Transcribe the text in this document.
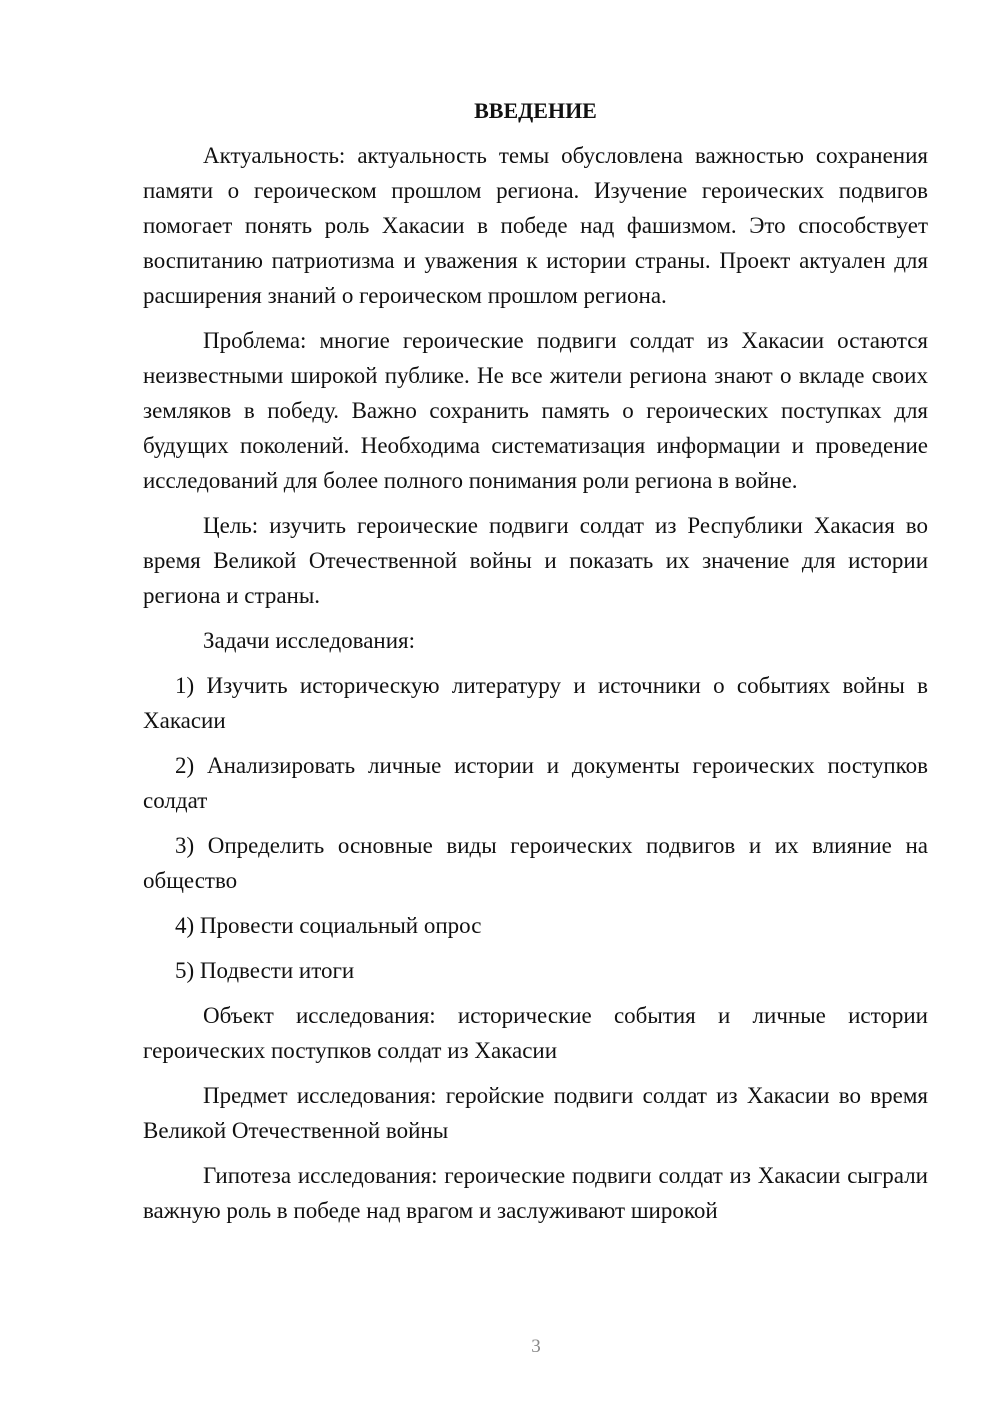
ВВЕДЕНИЕ

Актуальность: актуальность темы обусловлена важностью сохранения памяти о героическом прошлом региона. Изучение героических подвигов помогает понять роль Хакасии в победе над фашизмом. Это способствует воспитанию патриотизма и уважения к истории страны. Проект актуален для расширения знаний о героическом прошлом региона.

Проблема: многие героические подвиги солдат из Хакасии остаются неизвестными широкой публике. Не все жители региона знают о вкладе своих земляков в победу. Важно сохранить память о героических поступках для будущих поколений. Необходима систематизация информации и проведение исследований для более полного понимания роли региона в войне.

Цель: изучить героические подвиги солдат из Республики Хакасия во время Великой Отечественной войны и показать их значение для истории региона и страны.

Задачи исследования:

1) Изучить историческую литературу и источники о событиях войны в Хакасии

2) Анализировать личные истории и документы героических поступков солдат

3) Определить основные виды героических подвигов и их влияние на общество

4) Провести социальный опрос

5) Подвести итоги

Объект исследования: исторические события и личные истории героических поступков солдат из Хакасии

Предмет исследования: геройские подвиги солдат из Хакасии во время Великой Отечественной войны

Гипотеза исследования: героические подвиги солдат из Хакасии сыграли важную роль в победе над врагом и заслуживают широкой

3
